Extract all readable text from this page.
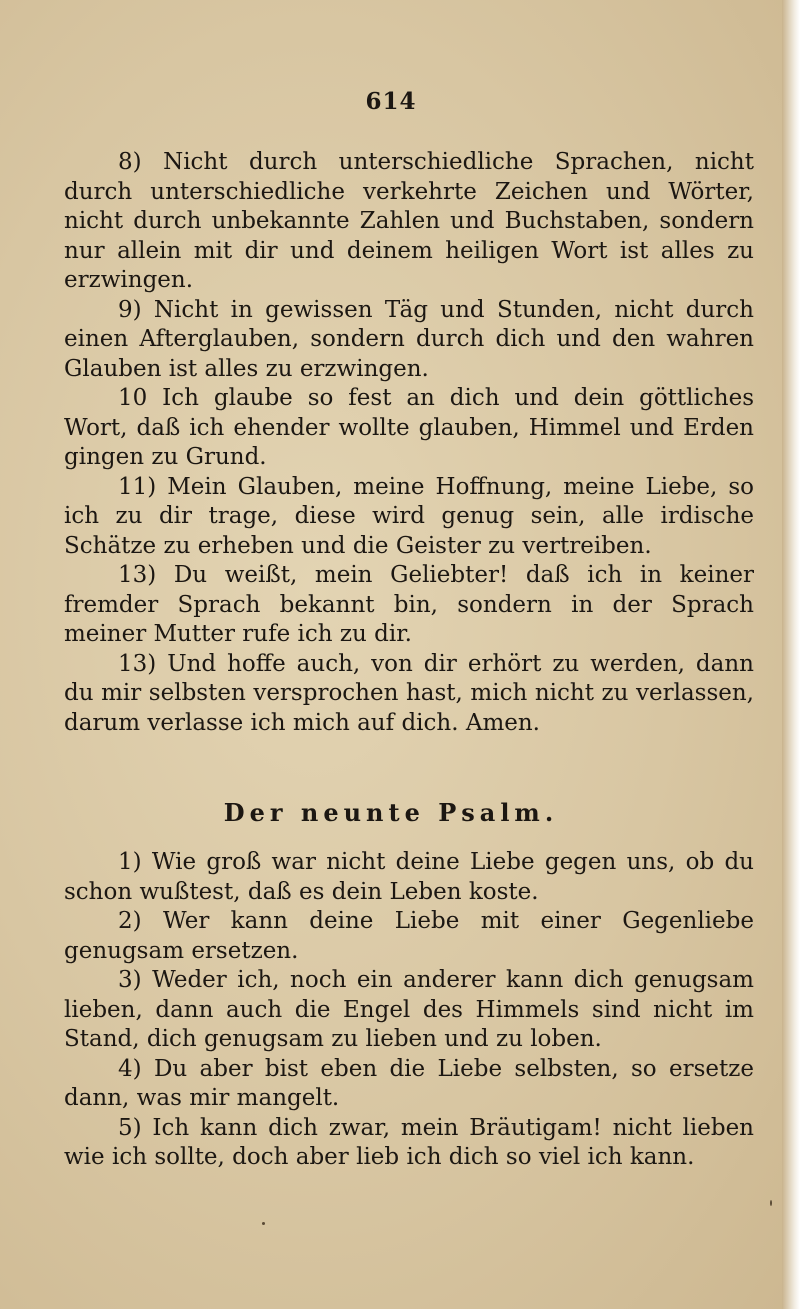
614

8) Nicht durch unterschiedliche Sprachen, nicht durch unterschiedliche verkehrte Zeichen und Wörter, nicht durch unbekannte Zahlen und Buchstaben, sondern nur allein mit dir und deinem heiligen Wort ist alles zu erzwingen.

9) Nicht in gewissen Täg und Stunden, nicht durch einen Afterglauben, sondern durch dich und den wahren Glauben ist alles zu erzwingen.

10 Ich glaube so fest an dich und dein göttliches Wort, daß ich ehender wollte glauben, Himmel und Erden gingen zu Grund.

11) Mein Glauben, meine Hoffnung, meine Liebe, so ich zu dir trage, diese wird genug sein, alle irdische Schätze zu erheben und die Geister zu vertreiben.

13) Du weißt, mein Geliebter! daß ich in keiner fremder Sprach bekannt bin, sondern in der Sprach meiner Mutter rufe ich zu dir.

13) Und hoffe auch, von dir erhört zu werden, dann du mir selbsten versprochen hast, mich nicht zu verlassen, darum verlasse ich mich auf dich. Amen.

Der neunte Psalm.

1) Wie groß war nicht deine Liebe gegen uns, ob du schon wußtest, daß es dein Leben koste.

2) Wer kann deine Liebe mit einer Gegenliebe genugsam ersetzen.

3) Weder ich, noch ein anderer kann dich genugsam lieben, dann auch die Engel des Himmels sind nicht im Stand, dich genugsam zu lieben und zu loben.

4) Du aber bist eben die Liebe selbsten, so ersetze dann, was mir mangelt.

5) Ich kann dich zwar, mein Bräutigam! nicht lieben wie ich sollte, doch aber lieb ich dich so viel ich kann.
